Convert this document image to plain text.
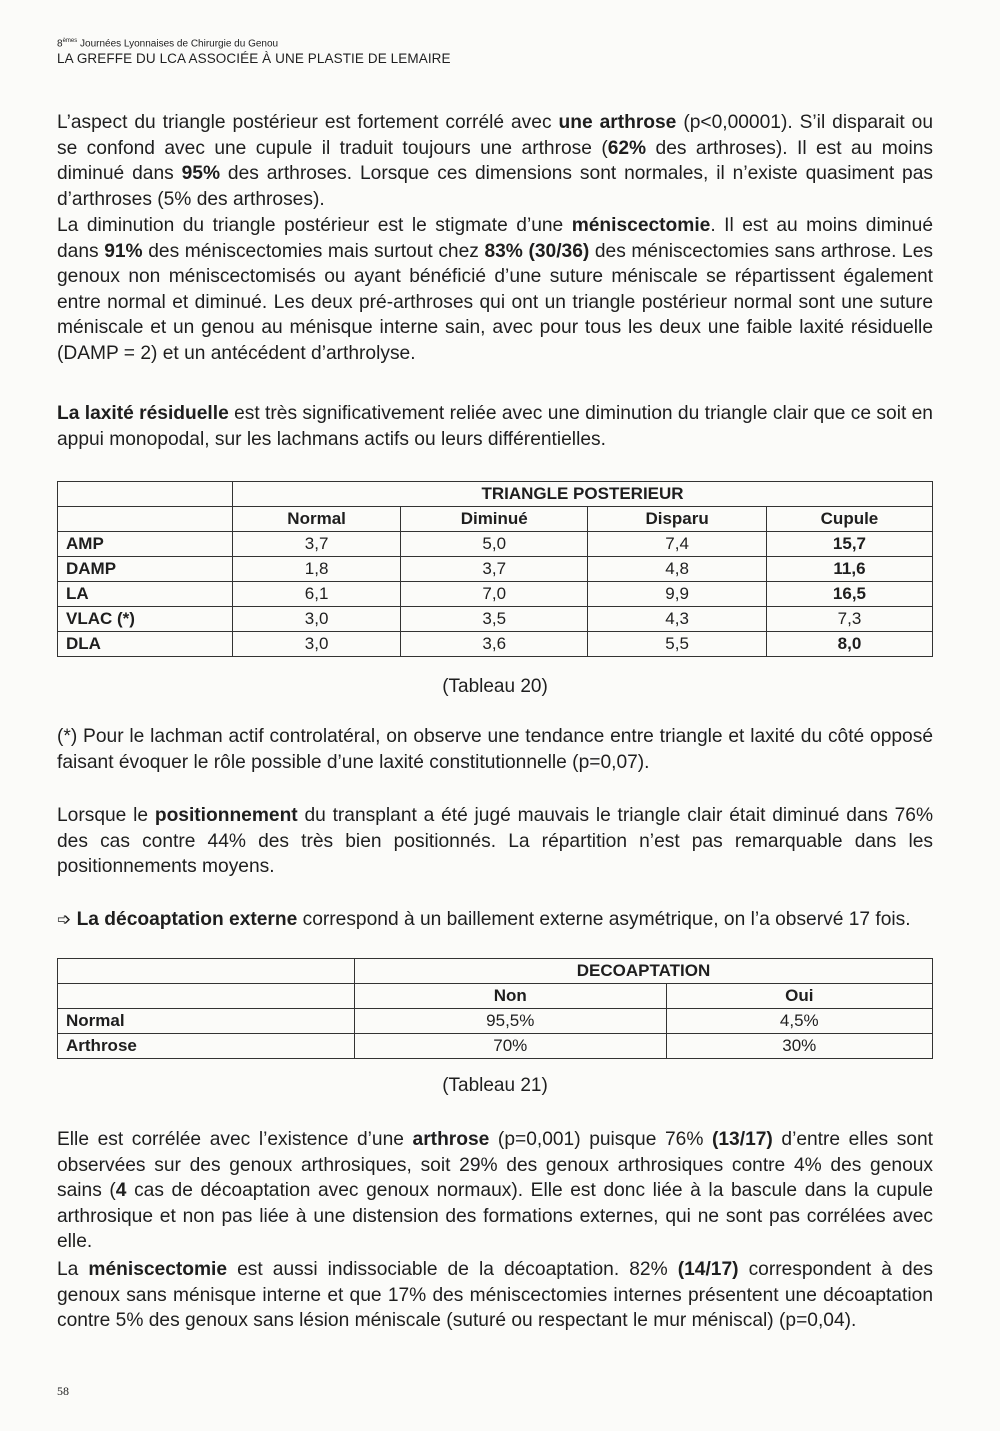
8èmes Journées Lyonnaises de Chirurgie du Genou
LA GREFFE DU LCA ASSOCIÉE À UNE PLASTIE DE LEMAIRE

L’aspect du triangle postérieur est fortement corrélé avec une arthrose (p<0,00001). S’il disparait ou se confond avec une cupule il traduit toujours une arthrose (62% des arthroses). Il est au moins diminué dans 95% des arthroses. Lorsque ces dimensions sont normales, il n’existe quasiment pas d’arthroses (5% des arthroses).

La diminution du triangle postérieur est le stigmate d’une méniscectomie. Il est au moins diminué dans 91% des méniscectomies mais surtout chez 83% (30/36) des méniscectomies sans arthrose. Les genoux non méniscectomisés ou ayant bénéficié d’une suture méniscale se répartissent également entre normal et diminué. Les deux pré-arthroses qui ont un triangle postérieur normal sont une suture méniscale et un genou au ménisque interne sain, avec pour tous les deux une faible laxité résiduelle (DAMP = 2) et un antécédent d’arthrolyse.

La laxité résiduelle est très significativement reliée avec une diminution du triangle clair que ce soit en appui monopodal, sur les lachmans actifs ou leurs différentielles.

	TRIANGLE POSTERIEUR			
	Normal	Diminué	Disparu	Cupule
AMP	3,7	5,0	7,4	15,7
DAMP	1,8	3,7	4,8	11,6
LA	6,1	7,0	9,9	16,5
VLAC (*)	3,0	3,5	4,3	7,3
DLA	3,0	3,6	5,5	8,0
(Tableau 20)

(*) Pour le lachman actif controlatéral, on observe une tendance entre triangle et laxité du côté opposé faisant évoquer le rôle possible d’une laxité constitutionnelle (p=0,07).

Lorsque le positionnement du transplant a été jugé mauvais le triangle clair était diminué dans 76% des cas contre 44% des très bien positionnés. La répartition n’est pas remarquable dans les positionnements moyens.

➩ La décoaptation externe correspond à un baillement externe asymétrique, on l’a observé 17 fois.

	DECOAPTATION	
	Non	Oui
Normal	95,5%	4,5%
Arthrose	70%	30%
(Tableau 21)

Elle est corrélée avec l’existence d’une arthrose (p=0,001) puisque 76% (13/17) d’entre elles sont observées sur des genoux arthrosiques, soit 29% des genoux arthrosiques contre 4% des genoux sains (4 cas de décoaptation avec genoux normaux). Elle est donc liée à la bascule dans la cupule arthrosique et non pas liée à une distension des formations externes, qui ne sont pas corrélées avec elle.

La méniscectomie est aussi indissociable de la décoaptation. 82% (14/17) correspondent à des genoux sans ménisque interne et que 17% des méniscectomies internes présentent une décoaptation contre 5% des genoux sans lésion méniscale (suturé ou respectant le mur méniscal) (p=0,04).

58
